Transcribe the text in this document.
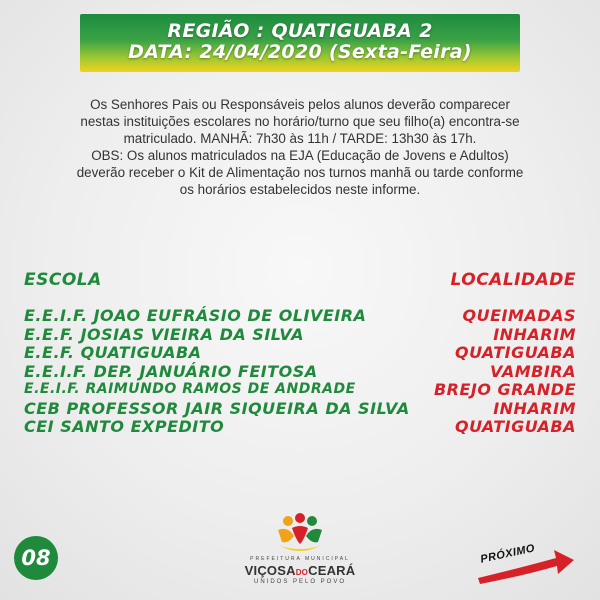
REGIÃO : QUATIGUABA 2
DATA: 24/04/2020 (Sexta-Feira)

Os Senhores Pais ou Responsáveis pelos alunos deverão comparecer

nestas instituições escolares no horário/turno que seu filho(a) encontra-se

matriculado. MANHÃ: 7h30 às 11h / TARDE: 13h30 às 17h.

OBS: Os alunos matriculados na EJA (Educação de Jovens e Adultos)

deverão receber o Kit de Alimentação nos turnos manhã ou tarde conforme

os horários estabelecidos neste informe.

ESCOLA	LOCALIDADE
E.E.I.F. JOAO EUFRÁSIO DE OLIVEIRA	QUEIMADAS
E.E.F. JOSIAS VIEIRA DA SILVA	INHARIM
E.E.F. QUATIGUABA	QUATIGUABA
E.E.I.F. DEP. JANUÁRIO FEITOSA	VAMBIRA
E.E.I.F. RAIMUNDO RAMOS DE ANDRADE	BREJO GRANDE
CEB PROFESSOR JAIR SIQUEIRA DA SILVA	INHARIM
CEI SANTO EXPEDITO	QUATIGUABA
08	PREFEITURA MUNICIPAL
VIÇOSADOCEARÁ
UNIDOS PELO POVO
PRÓXIMO
